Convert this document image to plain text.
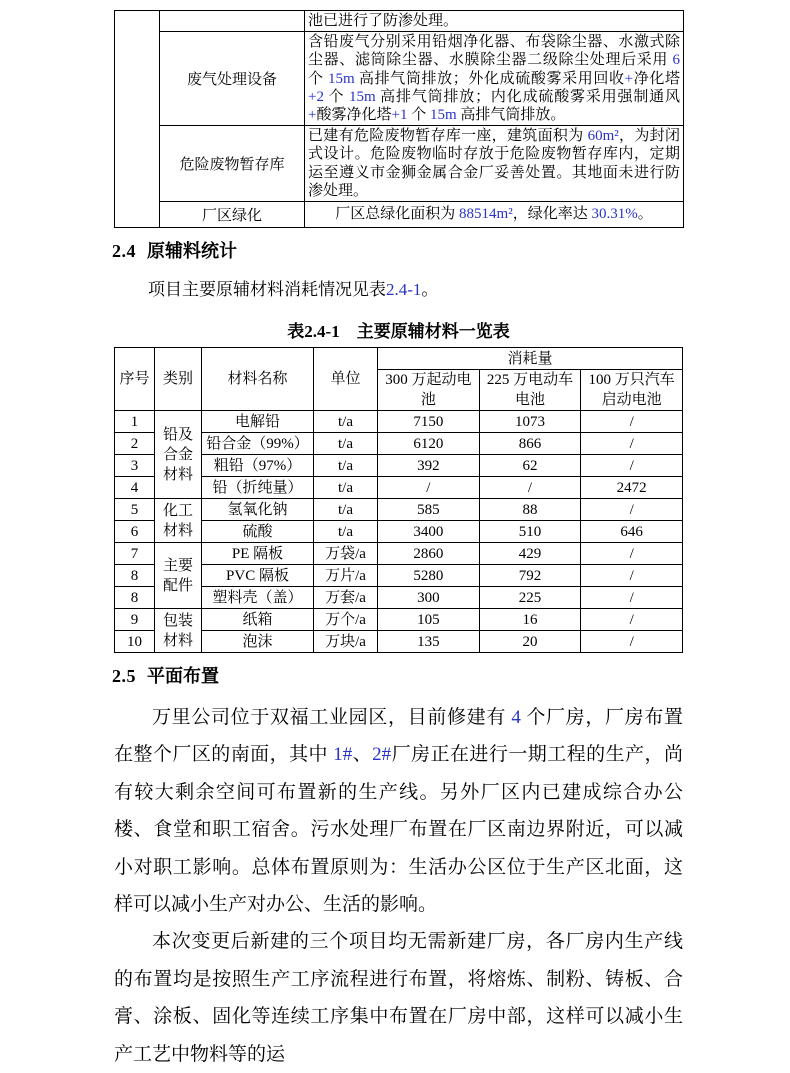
		池已进行了防渗处理。
	废气处理设备	含铅废气分别采用铅烟净化器、布袋除尘器、水激式除尘器、滤筒除尘器、水膜除尘器二级除尘处理后采用 6 个 15m 高排气筒排放；外化成硫酸雾采用回收+净化塔+2 个 15m 高排气筒排放；内化成硫酸雾采用强制通风+酸雾净化塔+1 个 15m 高排气筒排放。
	危险废物暂存库	已建有危险废物暂存库一座，建筑面积为 60m²，为封闭式设计。危险废物临时存放于危险废物暂存库内，定期运至遵义市金狮金属合金厂妥善处置。其地面未进行防渗处理。
	厂区绿化	厂区总绿化面积为 88514m²，绿化率达 30.31%。
2.4 原辅料统计

项目主要原辅材料消耗情况见表2.4-1。

表2.4-1　主要原辅材料一览表
序号	类别	材料名称	单位	消耗量		
				300 万起动电池	225 万电动车电池	100 万只汽车启动电池
1	铅及合金材料	电解铅	t/a	7150	1073	/
2		铅合金（99%）	t/a	6120	866	/
3		粗铅（97%）	t/a	392	62	/
4		铅（折纯量）	t/a	/	/	2472
5	化工材料	氢氧化钠	t/a	585	88	/
6		硫酸	t/a	3400	510	646
7	主要配件	PE 隔板	万袋/a	2860	429	/
8		PVC 隔板	万片/a	5280	792	/
8		塑料壳（盖）	万套/a	300	225	/
9	包装材料	纸箱	万个/a	105	16	/
10		泡沫	万块/a	135	20	/
2.5 平面布置

万里公司位于双福工业园区，目前修建有 4 个厂房，厂房布置在整个厂区的南面，其中 1#、2#厂房正在进行一期工程的生产，尚有较大剩余空间可布置新的生产线。另外厂区内已建成综合办公楼、食堂和职工宿舍。污水处理厂布置在厂区南边界附近，可以减小对职工影响。总体布置原则为：生活办公区位于生产区北面，这样可以减小生产对办公、生活的影响。

本次变更后新建的三个项目均无需新建厂房，各厂房内生产线的布置均是按照生产工序流程进行布置，将熔炼、制粉、铸板、合膏、涂板、固化等连续工序集中布置在厂房中部，这样可以减小生产工艺中物料等的运
